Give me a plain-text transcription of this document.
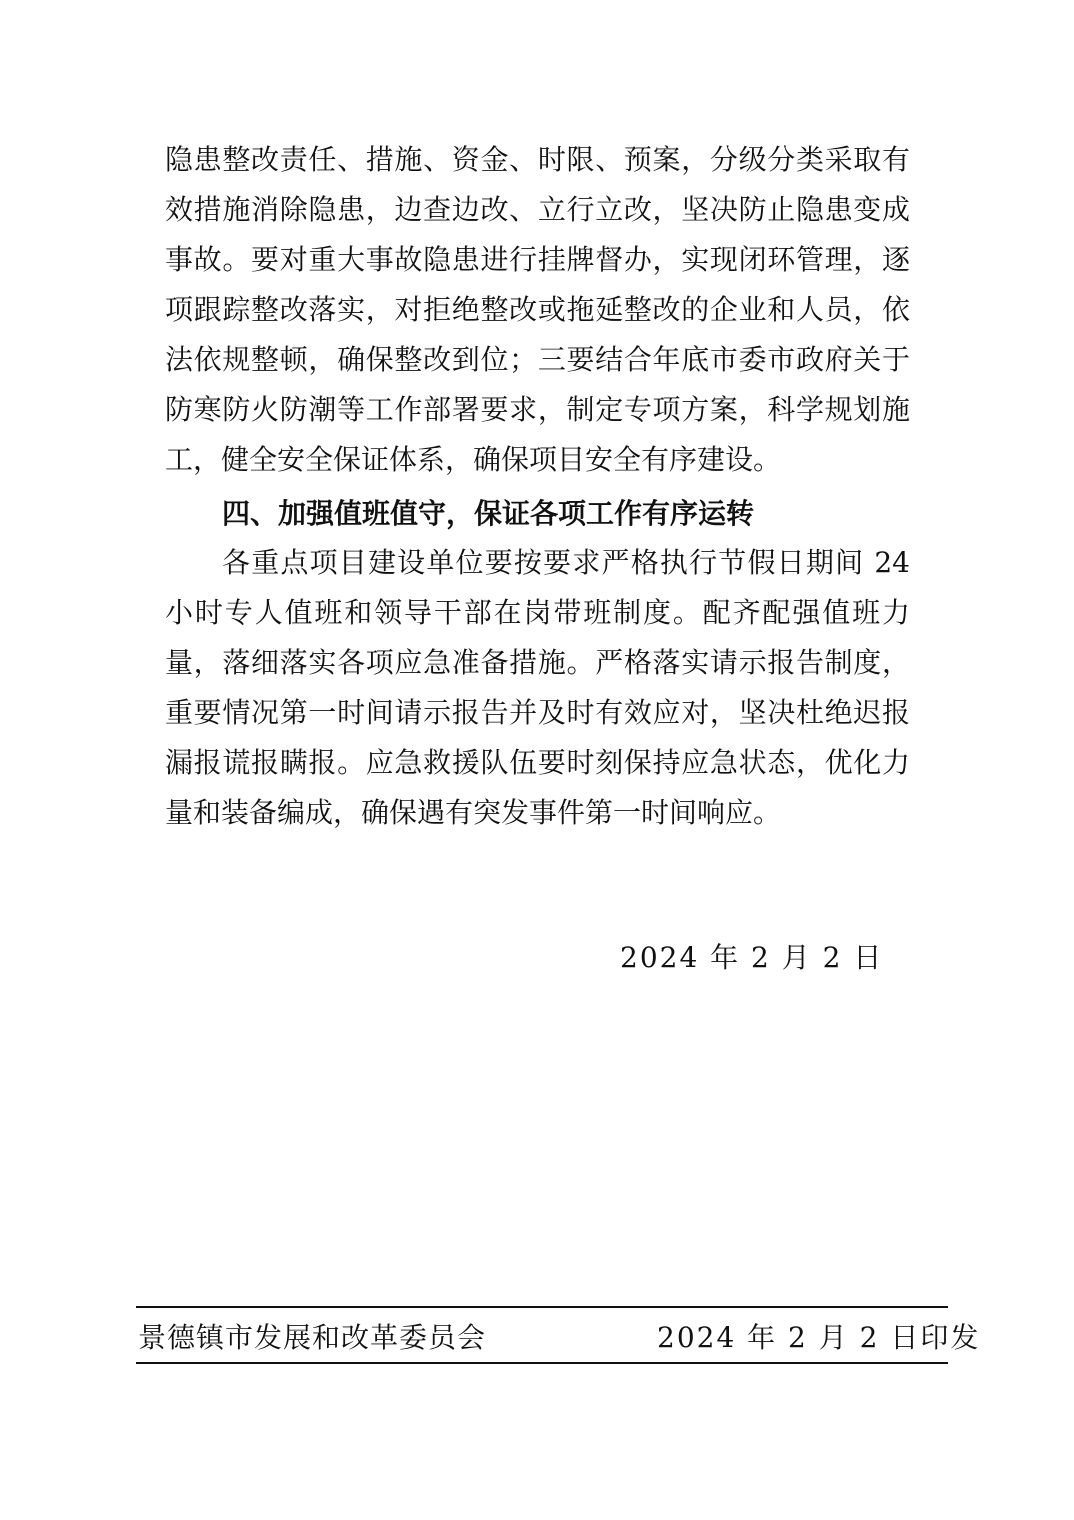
隐患整改责任、措施、资金、时限、预案，分级分类采取有
效措施消除隐患，边查边改、立行立改，坚决防止隐患变成
事故。要对重大事故隐患进行挂牌督办，实现闭环管理，逐
项跟踪整改落实，对拒绝整改或拖延整改的企业和人员，依
法依规整顿，确保整改到位；三要结合年底市委市政府关于
防寒防火防潮等工作部署要求，制定专项方案，科学规划施
工，健全安全保证体系，确保项目安全有序建设。
四、加强值班值守，保证各项工作有序运转
各重点项目建设单位要按要求严格执行节假日期间 24
小时专人值班和领导干部在岗带班制度。配齐配强值班力
量，落细落实各项应急准备措施。严格落实请示报告制度，
重要情况第一时间请示报告并及时有效应对，坚决杜绝迟报
漏报谎报瞒报。应急救援队伍要时刻保持应急状态，优化力
量和装备编成，确保遇有突发事件第一时间响应。
2024 年 2 月 2 日
景德镇市发展和改革委员会	2024 年 2 月 2 日印发
